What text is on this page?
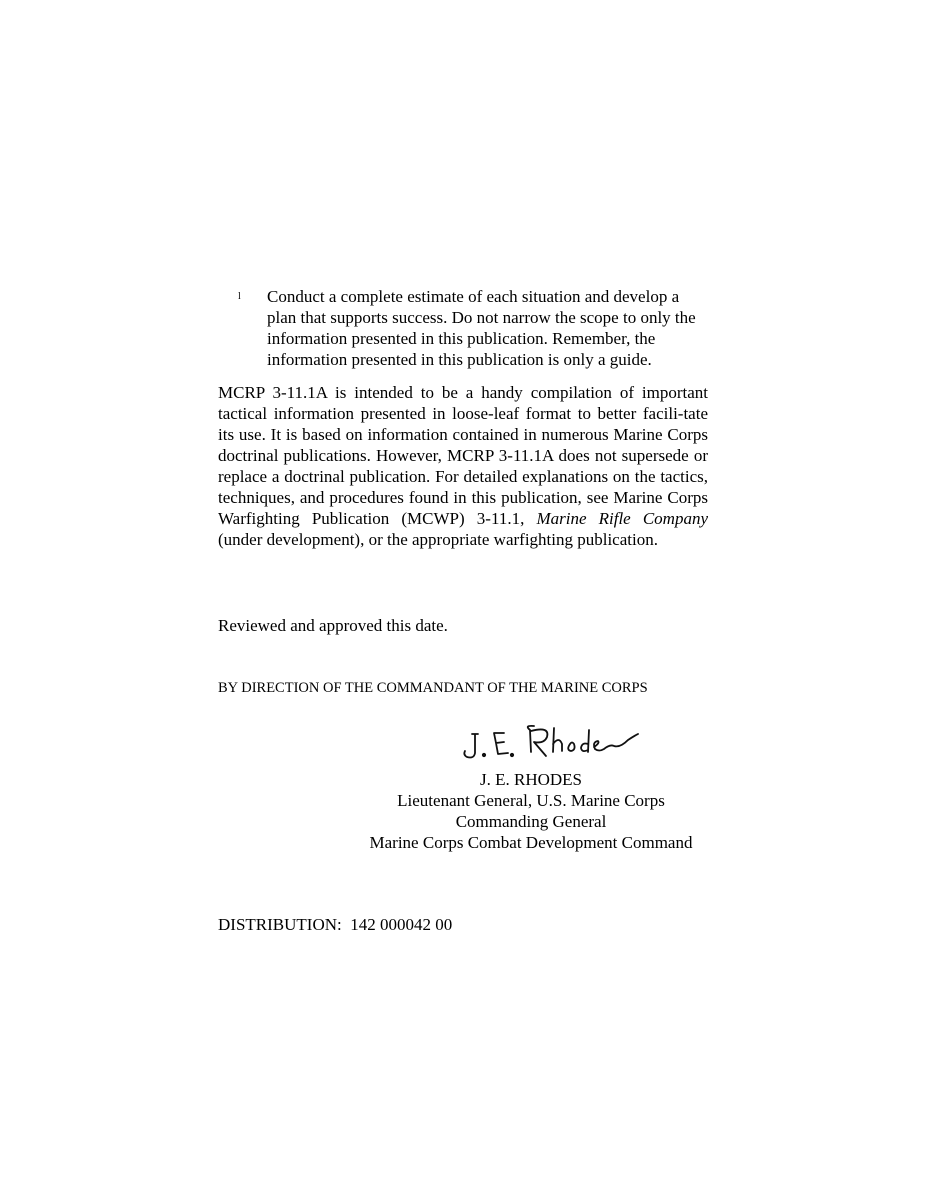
l Conduct a complete estimate of each situation and develop a plan that supports success. Do not narrow the scope to only the information presented in this publication. Remember, the information presented in this publication is only a guide.

MCRP 3-11.1A is intended to be a handy compilation of important tactical information presented in loose-leaf format to better facili-tate its use. It is based on information contained in numerous Marine Corps doctrinal publications. However, MCRP 3-11.1A does not supersede or replace a doctrinal publication. For detailed explanations on the tactics, techniques, and procedures found in this publication, see Marine Corps Warfighting Publication (MCWP) 3-11.1, Marine Rifle Company (under development), or the appropriate warfighting publication.

Reviewed and approved this date.

BY DIRECTION OF THE COMMANDANT OF THE MARINE CORPS

J. E. RHODES
Lieutenant General, U.S. Marine Corps
Commanding General
Marine Corps Combat Development Command

DISTRIBUTION:  142 000042 00
